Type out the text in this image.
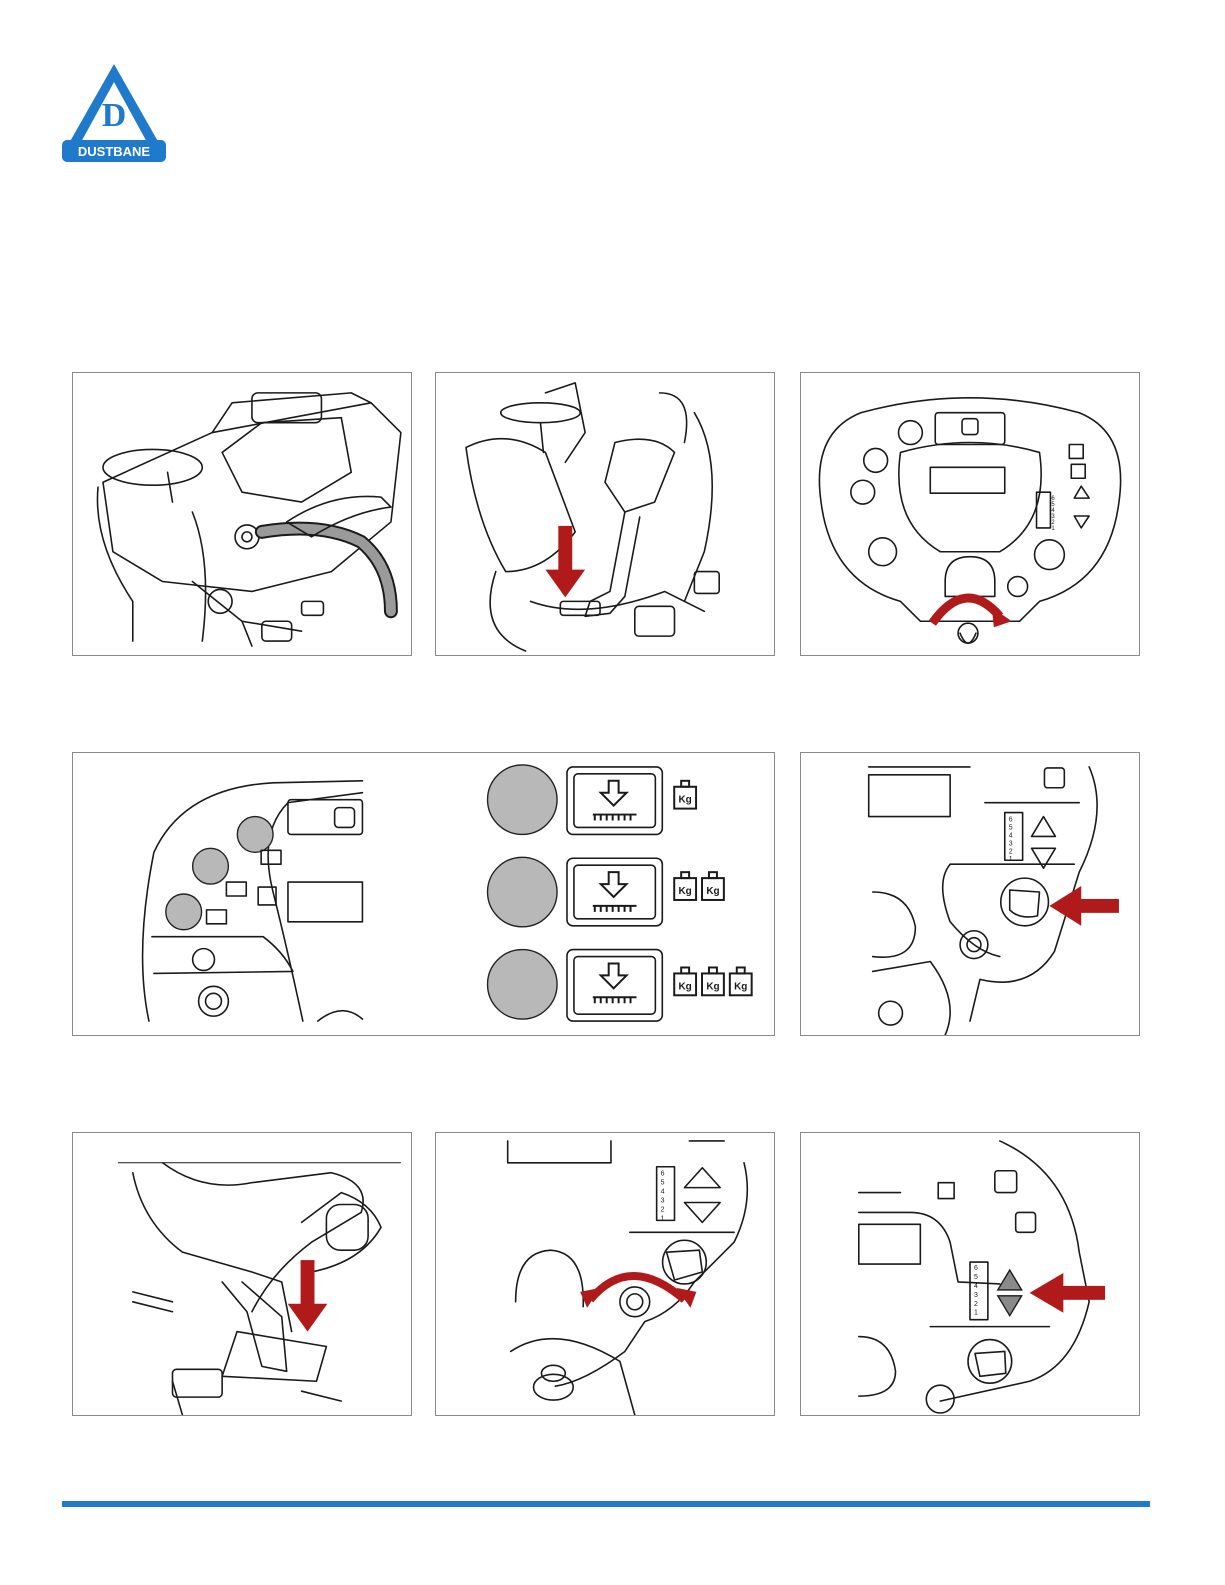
D
DUSTBANE
6
5
4
3
2
1
Kg
Kg Kg
Kg Kg Kg
6
5
4
3
2
1
6
5
4
3
2
1
6
5
4
3
2
1
